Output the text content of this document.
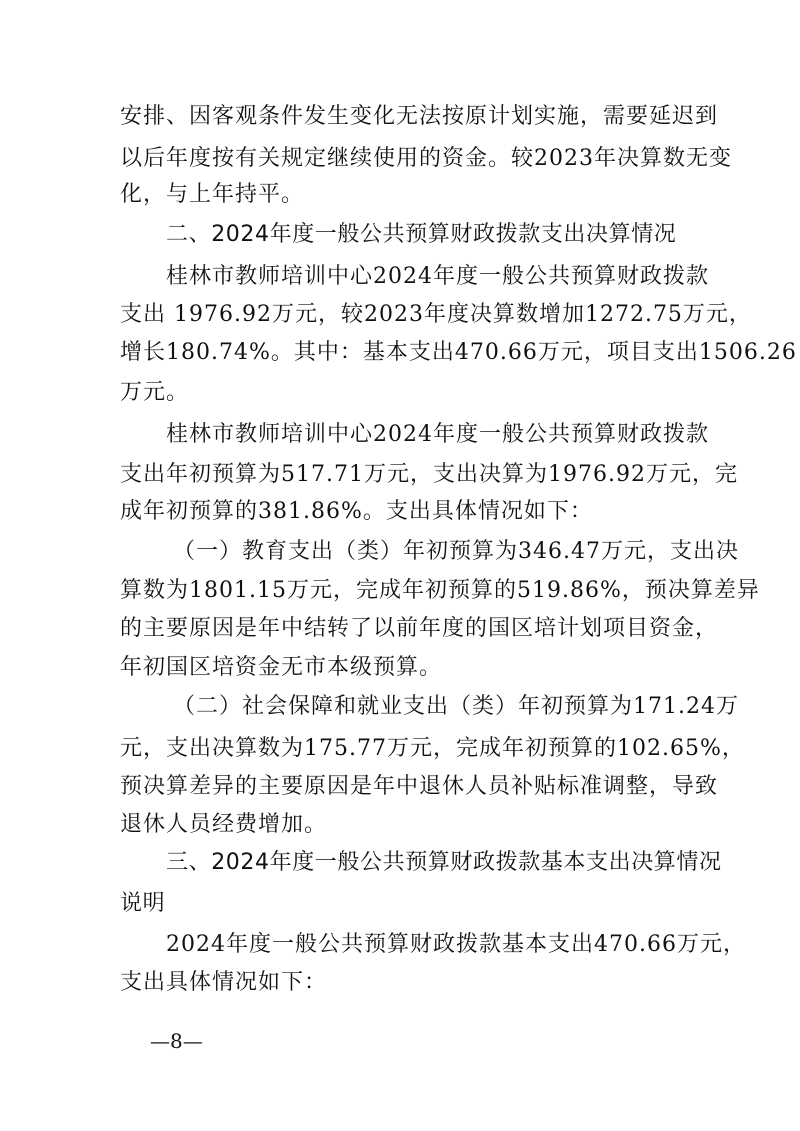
安排、因客观条件发生变化无法按原计划实施，需要延迟到
以后年度按有关规定继续使用的资金。较2023年决算数无变
化，与上年持平。
二、2024年度一般公共预算财政拨款支出决算情况
桂林市教师培训中心2024年度一般公共预算财政拨款
支出 1976.92万元，较2023年度决算数增加1272.75万元，
增长180.74%。其中：基本支出470.66万元，项目支出1506.26
万元。
桂林市教师培训中心2024年度一般公共预算财政拨款
支出年初预算为517.71万元，支出决算为1976.92万元，完
成年初预算的381.86%。支出具体情况如下：
（一）教育支出（类）年初预算为346.47万元，支出决
算数为1801.15万元，完成年初预算的519.86%，预决算差异
的主要原因是年中结转了以前年度的国区培计划项目资金，
年初国区培资金无市本级预算。
（二）社会保障和就业支出（类）年初预算为171.24万
元，支出决算数为175.77万元，完成年初预算的102.65%，
预决算差异的主要原因是年中退休人员补贴标准调整，导致
退休人员经费增加。
三、2024年度一般公共预算财政拨款基本支出决算情况
说明
2024年度一般公共预算财政拨款基本支出470.66万元，
支出具体情况如下：
—8—
